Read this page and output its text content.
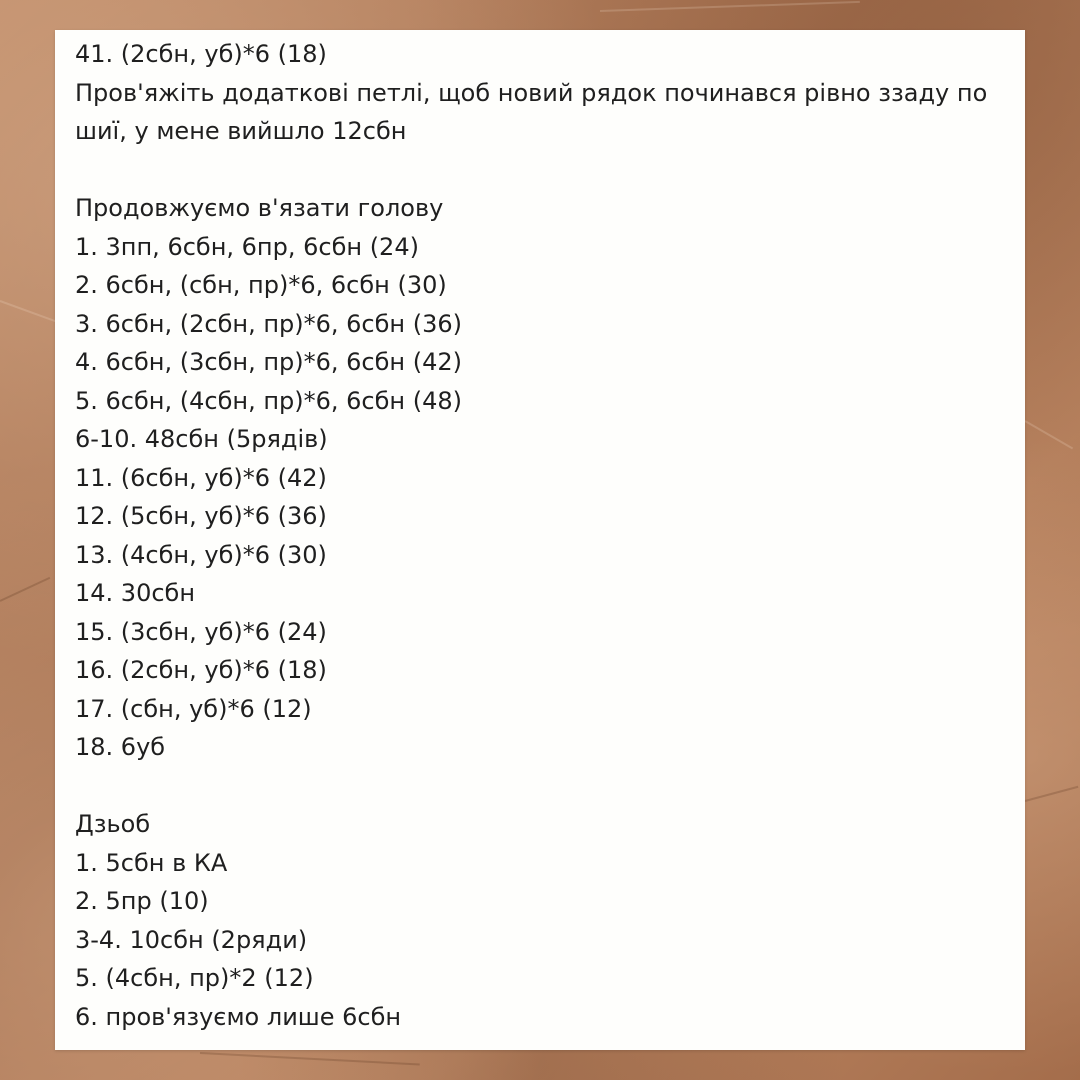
41. (2сбн, уб)*6 (18)
Пров'яжіть додаткові петлі, щоб новий рядок починався рівно ззаду по шиї, у мене вийшло 12сбн
Продовжуємо в'язати голову
1. 3пп, 6сбн, 6пр, 6сбн (24)
2. 6сбн, (сбн, пр)*6, 6сбн (30)
3. 6сбн, (2сбн, пр)*6, 6сбн (36)
4. 6сбн, (3сбн, пр)*6, 6сбн (42)
5. 6сбн, (4сбн, пр)*6, 6сбн (48)
6-10. 48сбн (5рядів)
11. (6сбн, уб)*6 (42)
12. (5сбн, уб)*6 (36)
13. (4сбн, уб)*6 (30)
14. 30сбн
15. (3сбн, уб)*6 (24)
16. (2сбн, уб)*6 (18)
17. (сбн, уб)*6 (12)
18. 6уб
Дзьоб
1. 5сбн в КА
2. 5пр (10)
3-4. 10сбн (2ряди)
5. (4сбн, пр)*2 (12)
6. пров'язуємо лише 6сбн
